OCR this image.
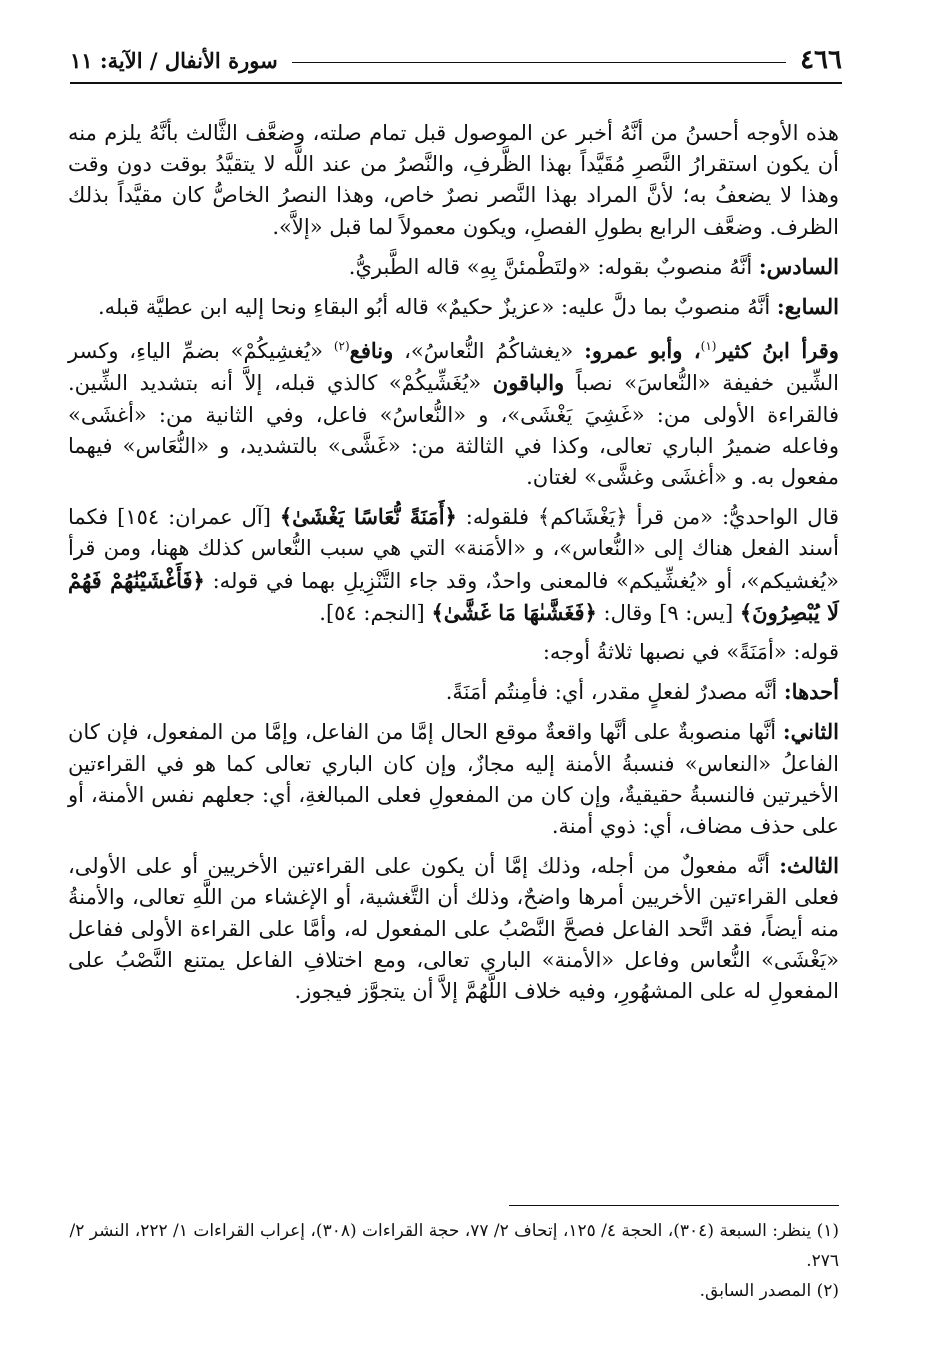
٤٦٦
سورة الأنفال / الآية: ١١

هذه الأوجه أحسنُ من أنَّهُ أخبر عن الموصول قبل تمام صلته، وضعَّف الثَّالث بأنَّهُ يلزم منه أن يكون استقرارُ النَّصرِ مُقَيَّداً بهذا الظَّرفِ، والنَّصرُ من عند اللَّه لا يتقيَّدُ بوقت دون وقت وهذا لا يضعفُ به؛ لأنَّ المراد بهذا النَّصر نصرٌ خاص، وهذا النصرُ الخاصُّ كان مقيَّداً بذلك الظرف. وضعَّف الرابع بطولِ الفصلِ، ويكون معمولاً لما قبل «إلاَّ».

السادس: أنَّهُ منصوبٌ بقوله: «ولتَطْمئنَّ بِهِ» قاله الطَّبريُّ.

السابع: أنَّهُ منصوبٌ بما دلَّ عليه: «عزيزٌ حكيمٌ» قاله أبُو البقاءِ ونحا إليه ابن عطيَّة قبله.

وقرأ ابنُ كثير$^{(١)}$، وأبو عمرو: «يغشاكُمُ النُّعاسُ»، ونافع$^{(٢)}$ «يُغشِيكُمْ» بضمِّ الياءِ، وكسر الشِّين خفيفة «النُّعاسَ» نصباً والباقون «يُغَشِّيكُمْ» كالذي قبله، إلاَّ أنه بتشديد الشِّين. فالقراءة الأولى من: «غَشِيَ يَغْشَى»، و «النُّعاسُ» فاعل، وفي الثانية من: «أغشَى» وفاعله ضميرُ الباري تعالى، وكذا في الثالثة من: «غَشَّى» بالتشديد، و «النُّعَاس» فيهما مفعول به. و «أغشَى وغشَّى» لغتان.

قال الواحديُّ: «من قرأ ﴿يَغْشَاكم﴾ فلقوله: ﴿أَمَنَةً نُّعَاسًا يَغْشَىٰ﴾ [آل عمران: ١٥٤] فكما أسند الفعل هناك إلى «النُّعاس»، و «الأمَنة» التي هي سبب النُّعاس كذلك ههنا، ومن قرأ «يُغشيكم»، أو «يُغشِّيكم» فالمعنى واحدٌ، وقد جاء التَّنْزِيلِ بهما في قوله: ﴿فَأَغْشَيْنَٰهُمْ فَهُمْ لَا يُبْصِرُونَ﴾ [يس: ٩] وقال: ﴿فَغَشَّىٰهَا مَا غَشَّىٰ﴾ [النجم: ٥٤].

قوله: «أمَنَةً» في نصبها ثلاثةُ أوجه:

أحدها: أنَّه مصدرٌ لفعلٍ مقدر، أي: فأمِنتُم أمَنَةً.

الثاني: أنَّها منصوبةٌ على أنَّها واقعةٌ موقع الحال إمَّا من الفاعل، وإمَّا من المفعول، فإن كان الفاعلُ «النعاس» فنسبةُ الأمنة إليه مجازٌ، وإن كان الباري تعالى كما هو في القراءتين الأخيرتين فالنسبةُ حقيقيةٌ، وإن كان من المفعولِ فعلى المبالغةِ، أي: جعلهم نفس الأمنة، أو على حذف مضاف، أي: ذوي أمنة.

الثالث: أنَّه مفعولٌ من أجله، وذلك إمَّا أن يكون على القراءتين الأخريين أو على الأولى، فعلى القراءتين الأخريين أمرها واضحٌ، وذلك أن التَّغشية، أو الإغشاء من اللَّهِ تعالى، والأمنةُ منه أيضاً، فقد اتَّحد الفاعل فصحَّ النَّصْبُ على المفعول له، وأمَّا على القراءة الأولى ففاعل «يَغْشَى» النُّعاس وفاعل «الأمنة» الباري تعالى، ومع اختلافِ الفاعل يمتنع النَّصْبُ على المفعولِ له على المشهُورِ، وفيه خلاف اللَّهُمَّ إلاَّ أن يتجوَّز فيجوز.

(١) ينظر: السبعة (٣٠٤)، الحجة ٤/ ١٢٥، إتحاف ٢/ ٧٧، حجة القراءات (٣٠٨)، إعراب القراءات ١/ ٢٢٢، النشر ٢/ ٢٧٦.

(٢) المصدر السابق.
